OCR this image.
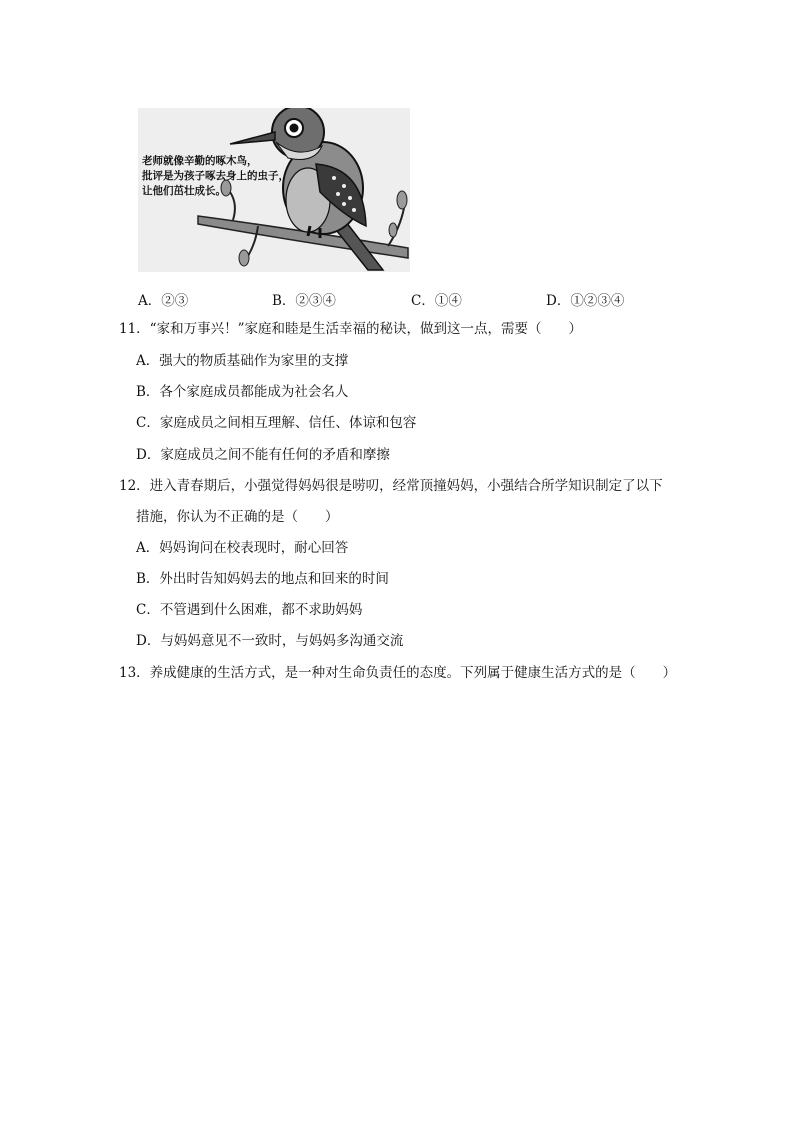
老师就像辛勤的啄木鸟，
批评是为孩子啄去身上的虫子，
让他们茁壮成长。
A．②③	B．②③④	C．①④	D．①②③④
11．“家和万事兴！”家庭和睦是生活幸福的秘诀，做到这一点，需要（　　）
A．强大的物质基础作为家里的支撑
B．各个家庭成员都能成为社会名人
C．家庭成员之间相互理解、信任、体谅和包容
D．家庭成员之间不能有任何的矛盾和摩擦
12．进入青春期后，小强觉得妈妈很是唠叨，经常顶撞妈妈，小强结合所学知识制定了以下
措施，你认为不正确的是（　　）
A．妈妈询问在校表现时，耐心回答
B．外出时告知妈妈去的地点和回来的时间
C．不管遇到什么困难，都不求助妈妈
D．与妈妈意见不一致时，与妈妈多沟通交流
13．养成健康的生活方式，是一种对生命负责任的态度。下列属于健康生活方式的是（　　）
